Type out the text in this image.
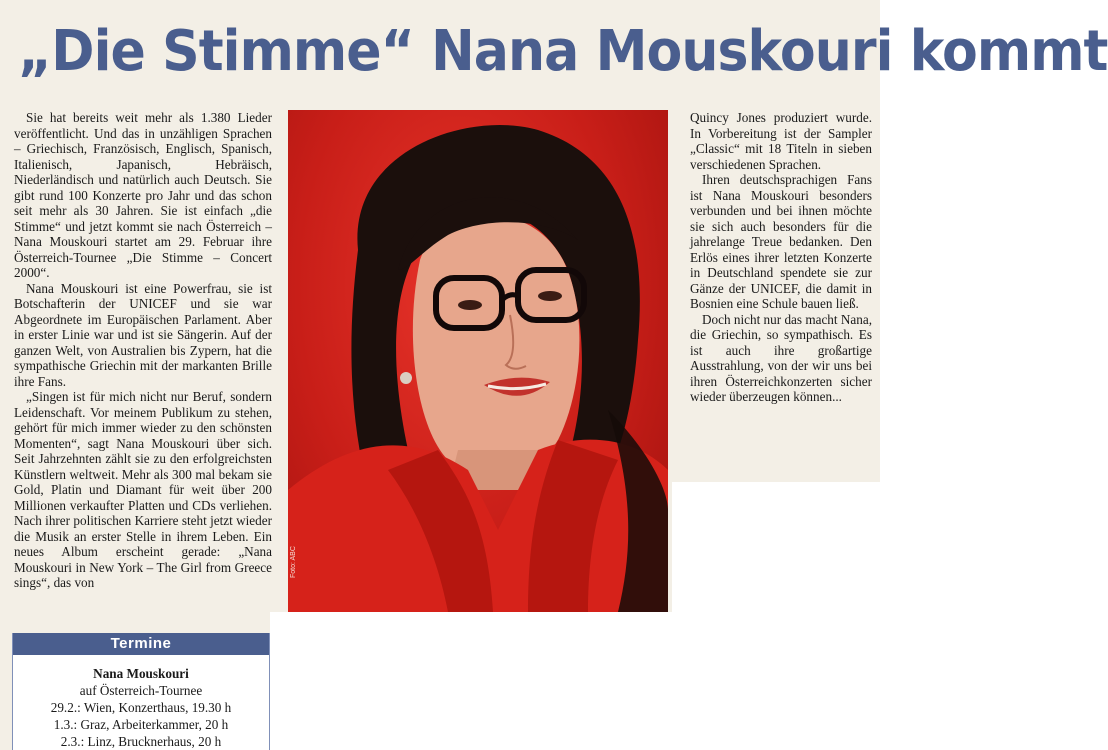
„Die Stimme“ Nana Mouskouri kommt

Sie hat bereits weit mehr als 1.380 Lieder veröffentlicht. Und das in unzähligen Sprachen – Griechisch, Französisch, Englisch, Spanisch, Italienisch, Japanisch, Hebräisch, Niederländisch und natürlich auch Deutsch. Sie gibt rund 100 Konzerte pro Jahr und das schon seit mehr als 30 Jahren. Sie ist einfach „die Stimme“ und jetzt kommt sie nach Österreich – Nana Mouskouri startet am 29. Februar ihre Österreich-Tournee „Die Stimme – Concert 2000“.

Nana Mouskouri ist eine Powerfrau, sie ist Botschafterin der UNICEF und sie war Abgeordnete im Europäischen Parlament. Aber in erster Linie war und ist sie Sängerin. Auf der ganzen Welt, von Australien bis Zypern, hat die sympathische Griechin mit der markanten Brille ihre Fans.

„Singen ist für mich nicht nur Beruf, sondern Leidenschaft. Vor meinem Publikum zu stehen, gehört für mich immer wieder zu den schönsten Momenten“, sagt Nana Mouskouri über sich. Seit Jahrzehnten zählt sie zu den erfolgreichsten Künstlern weltweit. Mehr als 300 mal bekam sie Gold, Platin und Diamant für weit über 200 Millionen verkaufter Platten und CDs verliehen. Nach ihrer politischen Karriere steht jetzt wieder die Musik an erster Stelle in ihrem Leben. Ein neues Album erscheint gerade: „Nana Mouskouri in New York – The Girl from Greece sings“, das von

Foto: ABC

Quincy Jones produziert wurde. In Vorbereitung ist der Sampler „Classic“ mit 18 Titeln in sieben verschiedenen Sprachen.

Ihren deutschsprachigen Fans ist Nana Mouskouri besonders verbunden und bei ihnen möchte sie sich auch besonders für die jahrelange Treue bedanken. Den Erlös eines ihrer letzten Konzerte in Deutschland spendete sie zur Gänze der UNICEF, die damit in Bosnien eine Schule bauen ließ.

Doch nicht nur das macht Nana, die Griechin, so sympathisch. Es ist auch ihre großartige Ausstrahlung, von der wir uns bei ihren Österreichkonzerten sicher wieder überzeugen können...

Termine
Nana Mouskouri
auf Österreich-Tournee
29.2.: Wien, Konzerthaus, 19.30 h
1.3.: Graz, Arbeiterkammer, 20 h
2.3.: Linz, Brucknerhaus, 20 h
